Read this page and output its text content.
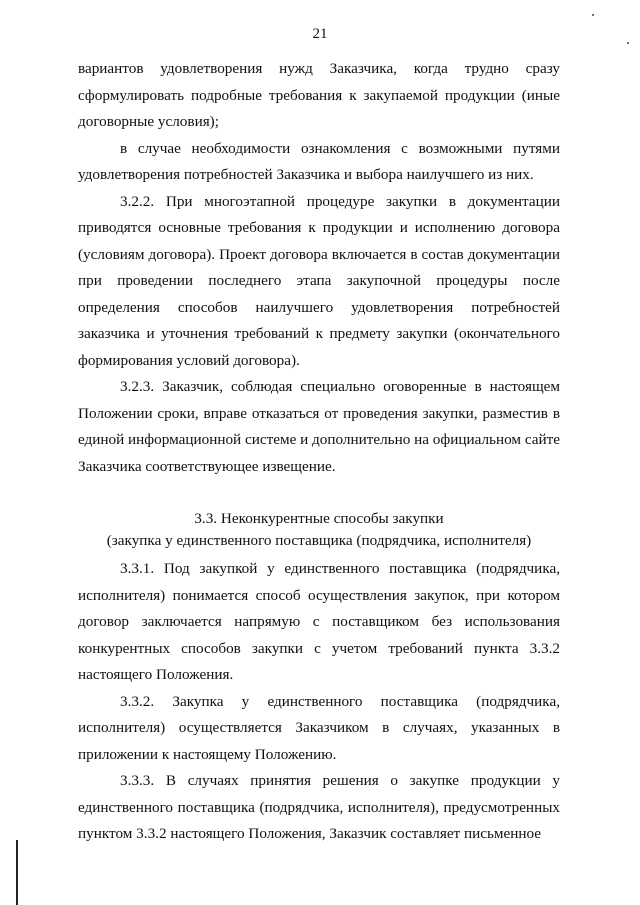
21

вариантов удовлетворения нужд Заказчика, когда трудно сразу сформулировать подробные требования к закупаемой продукции (иные договорные условия);

в случае необходимости ознакомления с возможными путями удовлетворения потребностей Заказчика и выбора наилучшего из них.

3.2.2. При многоэтапной процедуре закупки в документации приводятся основные требования к продукции и исполнению договора (условиям договора). Проект договора включается в состав документации при проведении последнего этапа закупочной процедуры после определения способов наилучшего удовлетворения потребностей заказчика и уточнения требований к предмету закупки (окончательного формирования условий договора).

3.2.3. Заказчик, соблюдая специально оговоренные в настоящем Положении сроки, вправе отказаться от проведения закупки, разместив в единой информационной системе и дополнительно на официальном сайте Заказчика соответствующее извещение.

3.3. Неконкурентные способы закупки
(закупка у единственного поставщика (подрядчика, исполнителя)

3.3.1. Под закупкой у единственного поставщика (подрядчика, исполнителя) понимается способ осуществления закупок, при котором договор заключается напрямую с поставщиком без использования конкурентных способов закупки с учетом требований пункта 3.3.2 настоящего Положения.

3.3.2. Закупка у единственного поставщика (подрядчика, исполнителя) осуществляется Заказчиком в случаях, указанных в приложении к настоящему Положению.

3.3.3. В случаях принятия решения о закупке продукции у единственного поставщика (подрядчика, исполнителя), предусмотренных пунктом 3.3.2 настоящего Положения, Заказчик составляет письменное
